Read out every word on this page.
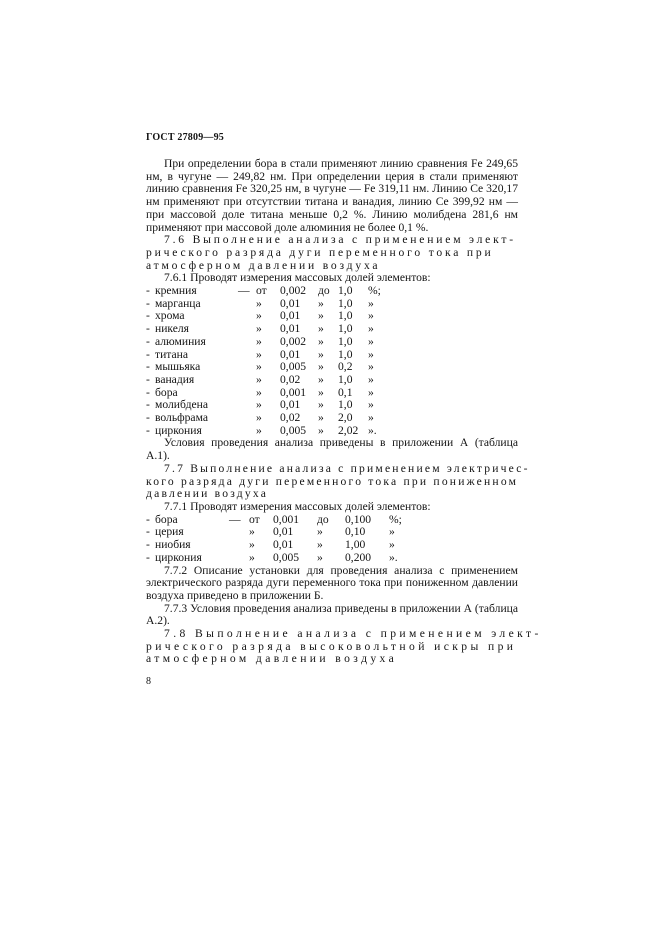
ГОСТ 27809—95

При определении бора в стали применяют линию сравнения Fe 249,65 нм, в чугуне — 249,82 нм. При определении церия в стали применяют линию сравнения Fe 320,25 нм, в чугуне — Fe 319,11 нм. Линию Ce 320,17 нм применяют при отсутствии титана и ванадия, линию Ce 399,92 нм — при массовой доле титана меньше 0,2 %. Линию молибдена 281,6 нм применяют при массовой доле алюминия не более 0,1 %.

7.6 Выполнение анализа с применением элект-
рического разряда дуги переменного тока при
атмосферном давлении воздуха
7.6.1 Проводят измерения массовых долей элементов:
-	кремния	—	от	0,002	до	1,0	%;
-	марганца		»	0,01	»	1,0	»
-	хрома		»	0,01	»	1,0	»
-	никеля		»	0,01	»	1,0	»
-	алюминия		»	0,002	»	1,0	»
-	титана		»	0,01	»	1,0	»
-	мышьяка		»	0,005	»	0,2	»
-	ванадия		»	0,02	»	1,0	»
-	бора		»	0,001	»	0,1	»
-	молибдена		»	0,01	»	1,0	»
-	вольфрама		»	0,02	»	2,0	»
-	циркония		»	0,005	»	2,02	».

Условия проведения анализа приведены в приложении А (таблица А.1).

7.7 Выполнение анализа с применением электричес-
кого разряда дуги переменного тока при пониженном
давлении воздуха
7.7.1 Проводят измерения массовых долей элементов:
-	бора	—	от	0,001	до	0,100	%;
-	церия		»	0,01	»	0,10	»
-	ниобия		»	0,01	»	1,00	»
-	циркония		»	0,005	»	0,200	».

7.7.2 Описание установки для проведения анализа с применением электрического разряда дуги переменного тока при пониженном давлении воздуха приведено в приложении Б.

7.7.3 Условия проведения анализа приведены в приложении А (таблица А.2).

7.8 Выполнение анализа с применением элект-
рического разряда высоковольтной искры при
атмосферном давлении воздуха
8
